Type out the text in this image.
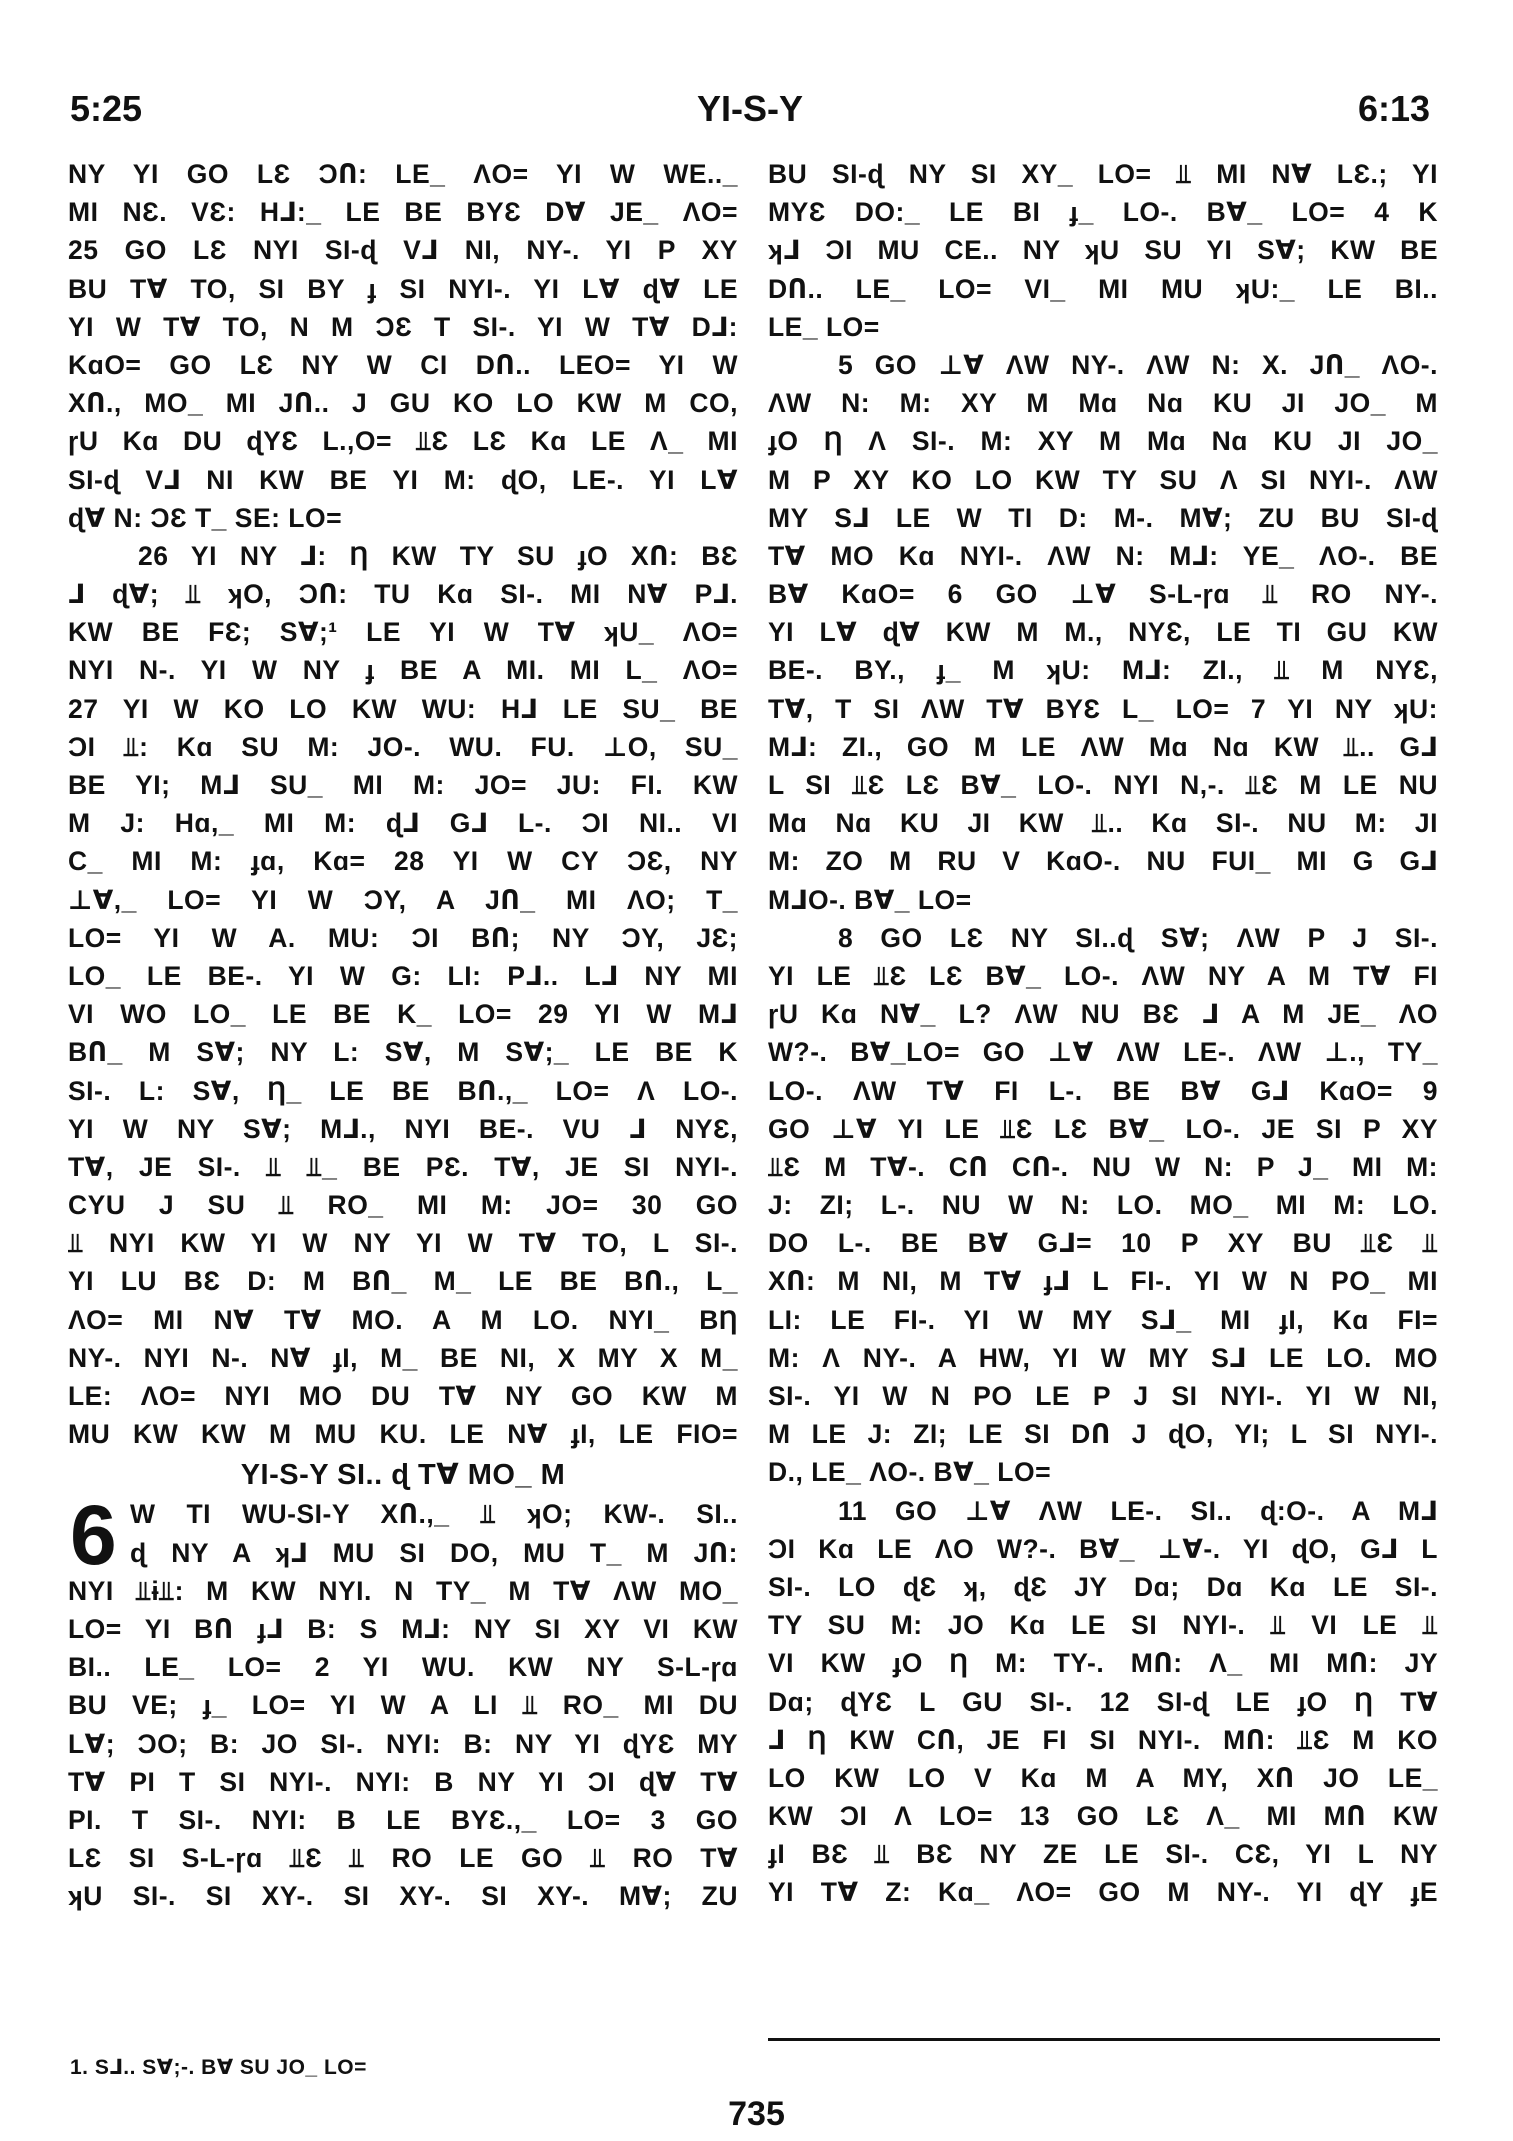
5:25	YI-S-Y	6:13
NY YI GO LƐ ƆՈ: LE_ ΛO= YI W WE.._
MI NƐ. VƐ: H⅃:_ LE BE BYƐ D∀ JE_ ΛO=
25 GO LƐ NYI SI-ɖ V⅃ NI, NY-. YI P XY
BU T∀ TO, SI BY ɟ SI NYI-. YI L∀ ɖ∀ LE
YI W T∀ TO, N M ƆƐ T SI-. YI W T∀ D⅃:
KɑO= GO LƐ NY W CI DՈ.. LEO= YI W
XՈ., MO_ MI JՈ.. J GU KO LO KW M CO,
ɼU Kɑ DU ɖYƐ L.,O= ⫫Ɛ LƐ Kɑ LE Λ_ MI
SI-ɖ V⅃ NI KW BE YI M: ɖO, LE-. YI L∀
ɖ∀ N: ƆƐ T_ SE: LO=
26 YI NY ⅃: Ƞ KW TY SU ɟO XՈ: BƐ
⅃ ɖ∀; ⫫ ʞO, ƆՈ: TU Kɑ SI-. MI N∀ P⅃.
KW BE FƐ; S∀;¹ LE YI W T∀ ʞU_ ΛO=
NYI N-. YI W NY ɟ BE A MI. MI L_ ΛO=
27 YI W KO LO KW WU: H⅃ LE SU_ BE
ƆI ⫫: Kɑ SU M: JO-. WU. FU. ⊥O, SU_
BE YI; M⅃ SU_ MI M: JO= JU: FI. KW
M J: Hɑ,_ MI M: ɖ⅃ G⅃ L-. ƆI NI.. VI
C_ MI M: ɟɑ, Kɑ= 28 YI W CY ƆƐ, NY
⊥∀,_ LO= YI W ƆY, A JՈ_ MI ΛO; T_
LO= YI W A. MU: ƆI BՈ; NY ƆY, JƐ;
LO_ LE BE-. YI W G: LI: P⅃.. L⅃ NY MI
VI WO LO_ LE BE K_ LO= 29 YI W M⅃
BՈ_ M S∀; NY L: S∀, M S∀;_ LE BE K
SI-. L: S∀, Ƞ_ LE BE BՈ.,_ LO= Λ LO-.
YI W NY S∀; M⅃., NYI BE-. VU ⅃ NYƐ,
T∀, JE SI-. ⫫ ⫫_ BE PƐ. T∀, JE SI NYI-.
CYU J SU ⫫ RO_ MI M: JO= 30 GO
⫫ NYI KW YI W NY YI W T∀ TO, L SI-.
YI LU BƐ D: M BՈ_ M_ LE BE BՈ., L_
ΛO= MI N∀ T∀ MO. A M LO. NYI_ BȠ
NY-. NYI N-. N∀ ɟI, M_ BE NI, X MY X M_
LE: ΛO= NYI MO DU T∀ NY GO KW M
MU KW KW M MU KU. LE N∀ ɟI, LE FIO=
YI-S-Y SI.. ɖ T∀ MO_ M
6 W TI WU-SI-Y XՈ.,_ ⫫ ʞO; KW-. SI..
ɖ NY A ʞ⅃ MU SI DO, MU T_ M JՈ:
NYI ⫫ɨ⫫: M KW NYI. N TY_ M T∀ ΛW MO_
LO= YI BՈ ɟ⅃ B: S M⅃: NY SI XY VI KW
BI.. LE_ LO= 2 YI WU. KW NY S-L-ɼɑ
BU VE; ɟ_ LO= YI W A LI ⫫ RO_ MI DU
L∀; ƆO; B: JO SI-. NYI: B: NY YI ɖYƐ MY
T∀ PI T SI NYI-. NYI: B NY YI ƆI ɖ∀ T∀
PI. T SI-. NYI: B LE BYƐ.,_ LO= 3 GO
LƐ SI S-L-ɼɑ ⫫Ɛ ⫫ RO LE GO ⫫ RO T∀
ʞU SI-. SI XY-. SI XY-. SI XY-. M∀; ZU
BU SI-ɖ NY SI XY_ LO= ⫫ MI N∀ LƐ.; YI
MYƐ DO:_ LE BI ɟ_ LO-. B∀_ LO= 4 K
ʞ⅃ ƆI MU CE.. NY ʞU SU YI S∀; KW BE
DՈ.. LE_ LO= VI_ MI MU ʞU:_ LE BI..
LE_ LO=
5 GO ⊥∀ ΛW NY-. ΛW N: X. JՈ_ ΛO-.
ΛW N: M: XY M Mɑ Nɑ KU JI JO_ M
ɟO Ƞ Λ SI-. M: XY M Mɑ Nɑ KU JI JO_
M P XY KO LO KW TY SU Λ SI NYI-. ΛW
MY S⅃ LE W TI D: M-. M∀; ZU BU SI-ɖ
T∀ MO Kɑ NYI-. ΛW N: M⅃: YE_ ΛO-. BE
B∀ KɑO= 6 GO ⊥∀ S-L-ɼɑ ⫫ RO NY-.
YI L∀ ɖ∀ KW M M., NYƐ, LE TI GU KW
BE-. BY., ɟ_ M ʞU: M⅃: ZI., ⫫ M NYƐ,
T∀, T SI ΛW T∀ BYƐ L_ LO= 7 YI NY ʞU:
M⅃: ZI., GO M LE ΛW Mɑ Nɑ KW ⫫.. G⅃
L SI ⫫Ɛ LƐ B∀_ LO-. NYI N,-. ⫫Ɛ M LE NU
Mɑ Nɑ KU JI KW ⫫.. Kɑ SI-. NU M: JI
M: ZO M RU V KɑO-. NU FUI_ MI G G⅃
M⅃O-. B∀_ LO=
8 GO LƐ NY SI..ɖ S∀; ΛW P J SI-.
YI LE ⫫Ɛ LƐ B∀_ LO-. ΛW NY A M T∀ FI
ɼU Kɑ N∀_ L? ΛW NU BƐ ⅃ A M JE_ ΛO
W?-. B∀_LO= GO ⊥∀ ΛW LE-. ΛW ⊥., TY_
LO-. ΛW T∀ FI L-. BE B∀ G⅃ KɑO= 9
GO ⊥∀ YI LE ⫫Ɛ LƐ B∀_ LO-. JE SI P XY
⫫Ɛ M T∀-. CՈ CՈ-. NU W N: P J_ MI M:
J: ZI; L-. NU W N: LO. MO_ MI M: LO.
DO L-. BE B∀ G⅃= 10 P XY BU ⫫Ɛ ⫫
XՈ: M NI, M T∀ ɟ⅃ L FI-. YI W N PO_ MI
LI: LE FI-. YI W MY S⅃_ MI ɟI, Kɑ FI=
M: Λ NY-. A HW, YI W MY S⅃ LE LO. MO
SI-. YI W N PO LE P J SI NYI-. YI W NI,
M LE J: ZI; LE SI DՈ J ɖO, YI; L SI NYI-.
D., LE_ ΛO-. B∀_ LO=
11 GO ⊥∀ ΛW LE-. SI.. ɖ:O-. A M⅃
ƆI Kɑ LE ΛO W?-. B∀_ ⊥∀-. YI ɖO, G⅃ L
SI-. LO ɖƐ ʞ, ɖƐ JY Dɑ; Dɑ Kɑ LE SI-.
TY SU M: JO Kɑ LE SI NYI-. ⫫ VI LE ⫫
VI KW ɟO Ƞ M: TY-. MՈ: Λ_ MI MՈ: JY
Dɑ; ɖYƐ L GU SI-. 12 SI-ɖ LE ɟO Ƞ T∀
⅃ Ƞ KW CՈ, JE FI SI NYI-. MՈ: ⫫Ɛ M KO
LO KW LO V Kɑ M A MY, XՈ JO LE_
KW ƆI Λ LO= 13 GO LƐ Λ_ MI MՈ KW
ɟI BƐ ⫫ BƐ NY ZE LE SI-. CƐ, YI L NY
YI T∀ Z: Kɑ_ ΛO= GO M NY-. YI ɖY ɟE
1. S⅃.. S∀;-. B∀ SU JO_ LO=
735
